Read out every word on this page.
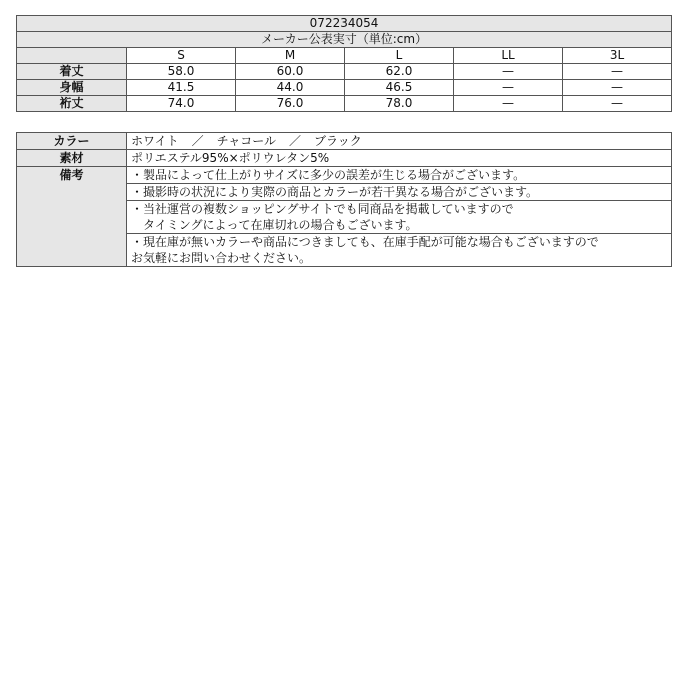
072234054					
メーカー公表実寸（単位:cm）					
	S	M	L	LL	3L
着丈	58.0	60.0	62.0	—	—
身幅	41.5	44.0	46.5	—	—
裄丈	74.0	76.0	78.0	—	—
カラー	ホワイト ／ チャコール ／ ブラック
素材	ポリエステル95%×ポリウレタン5%
備考	・製品によって仕上がりサイズに多少の誤差が生じる場合がございます。

	・撮影時の状況により実際の商品とカラーが若干異なる場合がございます。

	・当社運営の複数ショッピングサイトでも同商品を掲載していますので
　タイミングによって在庫切れの場合もございます。

	・現在庫が無いカラーや商品につきましても、在庫手配が可能な場合もございますので
お気軽にお問い合わせください。
